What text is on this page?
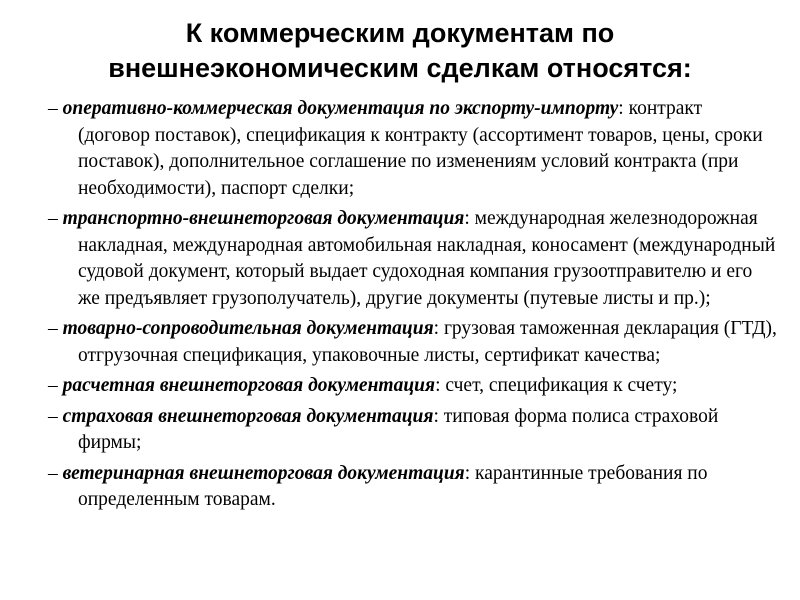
К коммерческим документам по
внешнеэкономическим сделкам относятся:
– оперативно-коммерческая документация по экспорту-импорту: контракт (договор поставок), спецификация к контракту (ассортимент товаров, цены, сроки поставок), дополнительное соглашение по изменениям условий контракта (при необходимости), паспорт сделки;
– транспортно-внешнеторговая документация: международная железнодорожная накладная, международная автомобильная накладная, коносамент (международный судовой документ, который выдает судоходная компания грузоотправителю и его же предъявляет грузополучатель), другие документы (путевые листы и пр.);
– товарно-сопроводительная документация: грузовая таможенная декларация (ГТД), отгрузочная спецификация, упаковочные листы, сертификат качества;
– расчетная внешнеторговая документация: счет, спецификация к счету;
– страховая внешнеторговая документация: типовая форма полиса страховой фирмы;
– ветеринарная внешнеторговая документация: карантинные требования по определенным товарам.
